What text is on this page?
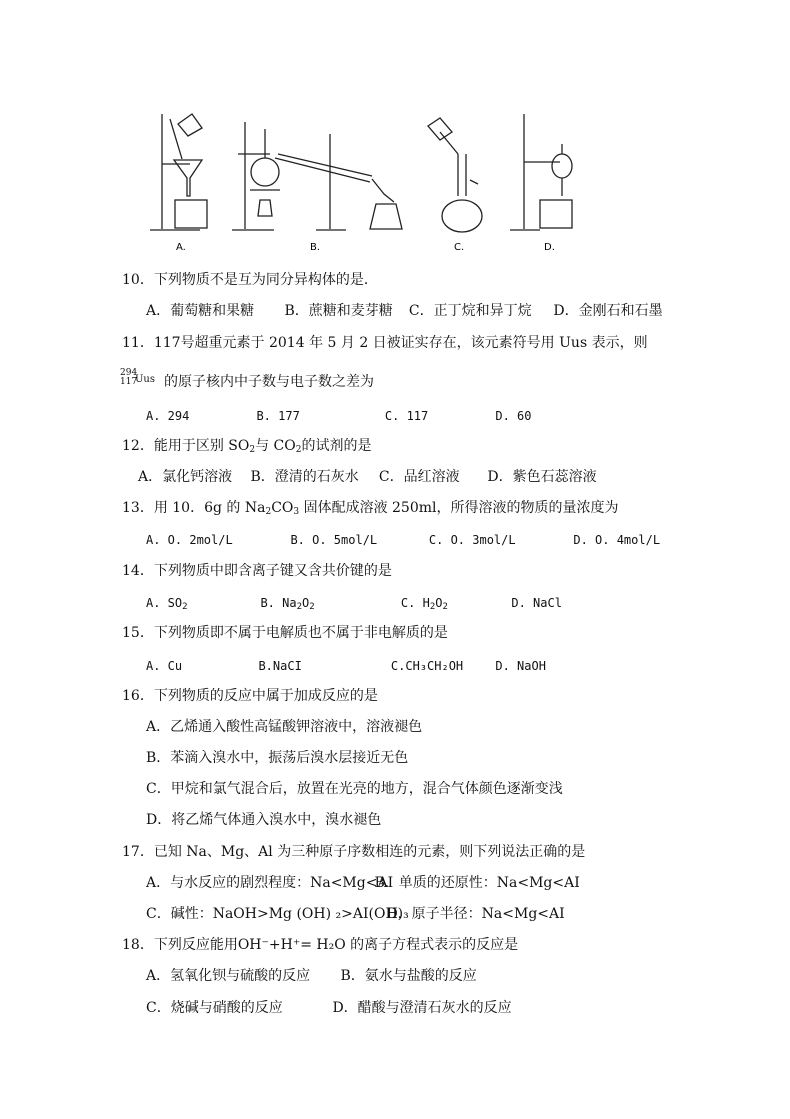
A.	B.	C.	D.
10．下列物质不是互为同分异构体的是．
A．葡萄糖和果糖 B．蔗糖和麦芽糖 C．正丁烷和异丁烷 D．金刚石和石墨
11．117号超重元素于 2014 年 5 月 2 日被证实存在，该元素符号用 Uus 表示，则
294
117
Uus 的原子核内中子数与电子数之差为
A. 294	B. 177	C. 117	D. 60
12．能用于区别 $SO_2$与 $CO_2$的试剂的是
A．氯化钙溶液 B．澄清的石灰水 C．品红溶液 D．紫色石蕊溶液
13．用 10．6g 的 $Na_2CO_3$ 固体配成溶液 250ml，所得溶液的物质的量浓度为
A. O. 2mol/L	B. O. 5mol/L	C. O. 3mol/L	D. O. 4mol/L
14．下列物质中即含离子键又含共价键的是
A. $SO_2$	B. $Na_2O_2$	C. $H_2O_2$	D. NaCl
15．下列物质即不属于电解质也不属于非电解质的是
A. Cu	B.NaCI	C.CH₃CH₂OH	D. NaOH
16．下列物质的反应中属于加成反应的是
A．乙烯通入酸性高锰酸钾溶液中，溶液褪色
B．苯滴入溴水中，振荡后溴水层接近无色
C．甲烷和氯气混合后，放置在光亮的地方，混合气体颜色逐渐变浅
D．将乙烯气体通入溴水中，溴水褪色
17．已知 Na、Mg、Al 为三种原子序数相连的元素，则下列说法正确的是
A．与水反应的剧烈程度：Na<Mg<AI B．单质的还原性：Na<Mg<AI
C．碱性：NaOH>Mg (OH) ₂>AI(OH)₃ D．原子半径：Na<Mg<AI
18．下列反应能用OH⁻+H⁺= H₂O 的离子方程式表示的反应是
A．氢氧化钡与硫酸的反应 B．氨水与盐酸的反应
C．烧碱与硝酸的反应	D．醋酸与澄清石灰水的反应
